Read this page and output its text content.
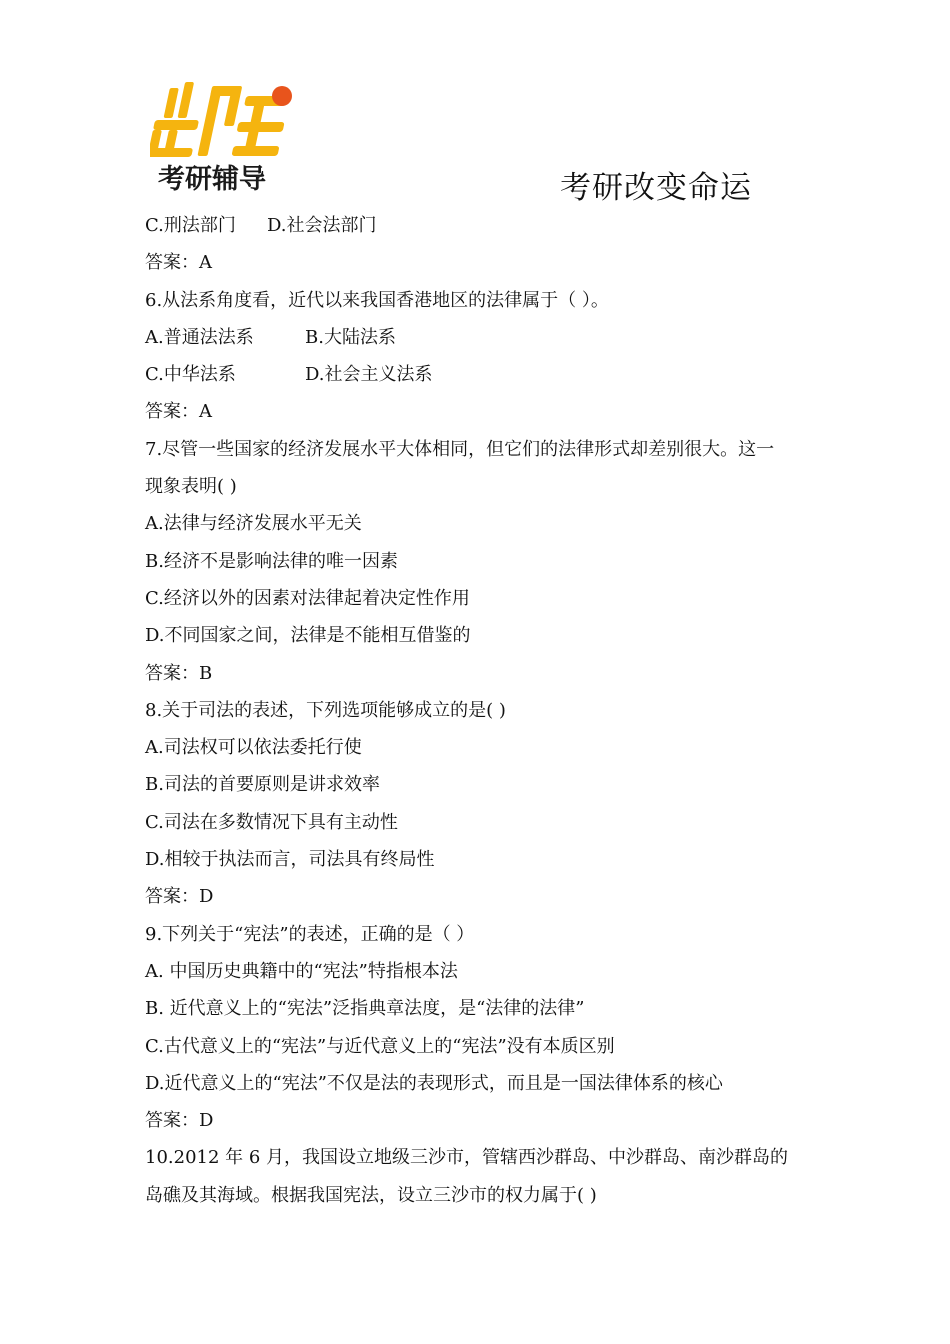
考研辅导	考研改变命运
C.刑法部门 D.社会法部门
答案：A
6.从法系角度看，近代以来我国香港地区的法律属于（ ）。
A.普通法法系	B.大陆法系
C.中华法系	D.社会主义法系
答案：A
7.尽管一些国家的经济发展水平大体相同，但它们的法律形式却差别很大。这一
现象表明( )
A.法律与经济发展水平无关
B.经济不是影响法律的唯一因素
C.经济以外的因素对法律起着决定性作用
D.不同国家之间，法律是不能相互借鉴的
答案：B
8.关于司法的表述，下列选项能够成立的是( )
A.司法权可以依法委托行使
B.司法的首要原则是讲求效率
C.司法在多数情况下具有主动性
D.相较于执法而言，司法具有终局性
答案：D
9.下列关于“宪法”的表述，正确的是（ ）
A. 中国历史典籍中的“宪法”特指根本法
B. 近代意义上的“宪法”泛指典章法度，是“法律的法律”
C.古代意义上的“宪法”与近代意义上的“宪法”没有本质区别
D.近代意义上的“宪法”不仅是法的表现形式，而且是一国法律体系的核心
答案：D
10.2012 年 6 月，我国设立地级三沙市，管辖西沙群岛、中沙群岛、南沙群岛的
岛礁及其海域。根据我国宪法，设立三沙市的权力属于( )
